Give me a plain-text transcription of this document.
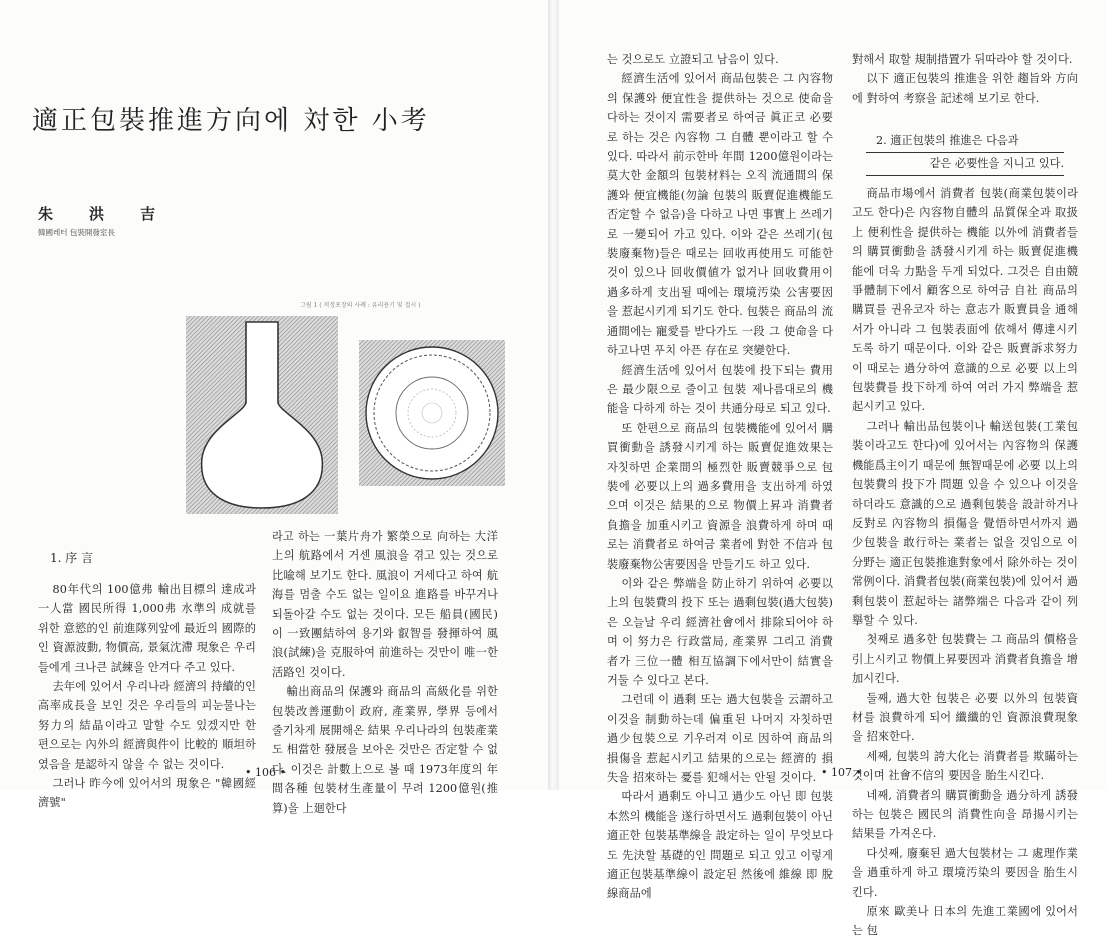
適正包裝推進方向에 対한 小考
朱洪吉
韓國레터 包裝開發室長
그림 1 ( 적정포장의 사례 : 유리용기 및 접시 )
1. 序 言

80年代의 100億弗 輸出目標의 達成과 一人當 國民所得 1,000弗 水準의 成就를 위한 意慾的인 前進隊列앞에 最近의 國際的인 資源波動, 物價高, 景氣沈滯 現象은 우리들에게 크나큰 試練을 안겨다 주고 있다.

去年에 있어서 우리나라 經濟의 持續的인 高率成長을 보인 것은 우리들의 피눈물나는 努力의 結晶이라고 말할 수도 있겠지만 한 편으로는 內外의 經濟與件이 比較的 順坦하였음을 是認하지 않을 수 없는 것이다.

그러나 昨今에 있어서의 現象은 "韓國經濟號"

라고 하는 一葉片舟가 繁榮으로 向하는 大洋上의 航路에서 거센 風浪을 겪고 있는 것으로 比喩해 보기도 한다. 風浪이 거세다고 하여 航海를 멈출 수도 없는 일이요 進路를 바꾸거나 되돌아갈 수도 없는 것이다. 모든 船員(國民)이 一致團結하여 용기와 叡智를 發揮하여 風浪(試練)을 克服하여 前進하는 것만이 唯一한 活路인 것이다.

輸出商品의 保護와 商品의 高級化를 위한 包裝改善運動이 政府, 產業界, 學界 등에서 줄기차게 展開해온 結果 우리나라의 包裝產業도 相當한 發展을 보아온 것만은 否定할 수 없다. 이것은 計數上으로 볼 때 1973年度의 年間各種 包裝材生產量이 무려 1200億원(推算)을 上廻한다

• 106 •	• 107 •

는 것으로도 立證되고 남음이 있다.

經濟生活에 있어서 商品包裝은 그 內容物의 保護와 便宜性을 提供하는 것으로 使命을 다하는 것이지 需要者로 하여금 眞正코 必要로 하는 것은 內容物 그 自體 뿐이라고 할 수 있다. 따라서 前示한바 年間 1200億원이라는 莫大한 金額의 包裝材料는 오직 流通間의 保護와 便宜機能(勿論 包裝의 販賣促進機能도 否定할 수 없음)을 다하고 나면 事實上 쓰레기로 一變되어 가고 있다. 이와 같은 쓰레기(包裝廢棄物)들은 때로는 回收再使用도 可能한 것이 있으나 回收價値가 없거나 回收費用이 過多하게 支出될 때에는 環境汚染 公害要因을 惹起시키게 되기도 한다. 包裝은 商品의 流通間에는 寵愛를 받다가도 一段 그 使命을 다하고나면 푸치 아픈 存在로 突變한다.

經濟生活에 있어서 包裝에 投下되는 費用은 最少限으로 줄이고 包裝 제나름대로의 機能을 다하게 하는 것이 共通分母로 되고 있다.

또 한편으로 商品의 包裝機能에 있어서 購買衝動을 誘發시키게 하는 販賣促進效果는 자칫하면 企業間의 極烈한 販賣競爭으로 包裝에 必要以上의 過多費用을 支出하게 하였으며 이것은 結果的으로 物價上昇과 消費者負擔을 加重시키고 資源을 浪費하게 하며 때로는 消費者로 하여금 業者에 對한 不信과 包裝廢棄物公害要因을 만들기도 하고 있다.

이와 같은 弊端을 防止하기 위하여 必要以上의 包裝費의 投下 또는 過剩包裝(過大包裝)은 오늘날 우리 經濟社會에서 排除되어야 하며 이 努力은 行政當局, 產業界 그리고 消費者가 三位一體 相互協調下에서만이 結實을 거둘 수 있다고 본다.

그런데 이 過剩 또는 過大包裝을 云謂하고 이것을 制動하는데 偏重된 나머지 자칫하면 過少包裝으로 기우러져 이로 因하여 商品의 損傷을 惹起시키고 結果的으로는 經濟的 損失을 招來하는 憂를 犯해서는 안될 것이다.

따라서 過剩도 아니고 過少도 아닌 即 包裝本然의 機能을 遂行하면서도 過剩包裝이 아닌 適正한 包裝基準線을 設定하는 일이 무엇보다도 先決할 基礎的인 問題로 되고 있고 이렇게 適正包裝基準線이 設定된 然後에 維線 即 脫線商品에

對해서 取할 規制措置가 뒤따라야 할 것이다.

以下 適正包裝의 推進을 위한 趨旨와 方向에 對하여 考察을 記述해 보기로 한다.

2. 適正包裝의 推進은 다음과
같은 必要性을 지니고 있다.

商品市場에서 消費者 包裝(商業包裝이라고도 한다)은 內容物自體의 品質保全과 取扱上 便利性을 提供하는 機能 以外에 消費者들의 購買衝動을 誘發시키게 하는 販賣促進機能에 더욱 力點을 두게 되었다. 그것은 自由競爭體制下에서 顧客으로 하여금 自社 商品의 購買를 권유코자 하는 意志가 販賣員을 通해서가 아니라 그 包裝表面에 依해서 傳達시키도록 하기 때문이다. 이와 같은 販賣訴求努力이 때로는 過分하여 意識的으로 必要 以上의 包裝費를 投下하게 하여 여러 가지 弊端을 惹起시키고 있다.

그러나 輸出品包裝이나 輸送包裝(工業包裝이라고도 한다)에 있어서는 內容物의 保護機能爲主이기 때문에 無智때문에 必要 以上의 包裝費의 投下가 問題 있을 수 있으나 이것을 하더라도 意識的으로 過剩包裝을 設計하거나 反對로 內容物의 損傷을 覺悟하면서까지 過少包裝을 敢行하는 業者는 없을 것임으로 이 分野는 適正包裝推進對象에서 除外하는 것이 常例이다. 消費者包裝(商業包裝)에 있어서 過剩包裝이 惹起하는 諸弊端은 다음과 같이 列擧할 수 있다.

첫째로 過多한 包裝費는 그 商品의 價格을 引上시키고 物價上昇要因과 消費者負擔을 增加시킨다.

둘째, 過大한 包裝은 必要 以外의 包裝資材를 浪費하게 되어 纖纖的인 資源浪費現象을 招來한다.

세째, 包裝의 誇大化는 消費者를 欺瞞하는 것이며 社會不信의 要因을 胎生시킨다.

네째, 消費者의 購買衝動을 過分하게 誘發하는 包裝은 國民의 消費性向을 昂揚시키는 結果를 가져온다.

다섯째, 廢棄된 過大包裝材는 그 處理作業을 過重하게 하고 環境汚染의 要因을 胎生시킨다.

原來 歐美나 日本의 先進工業國에 있어서는 包
